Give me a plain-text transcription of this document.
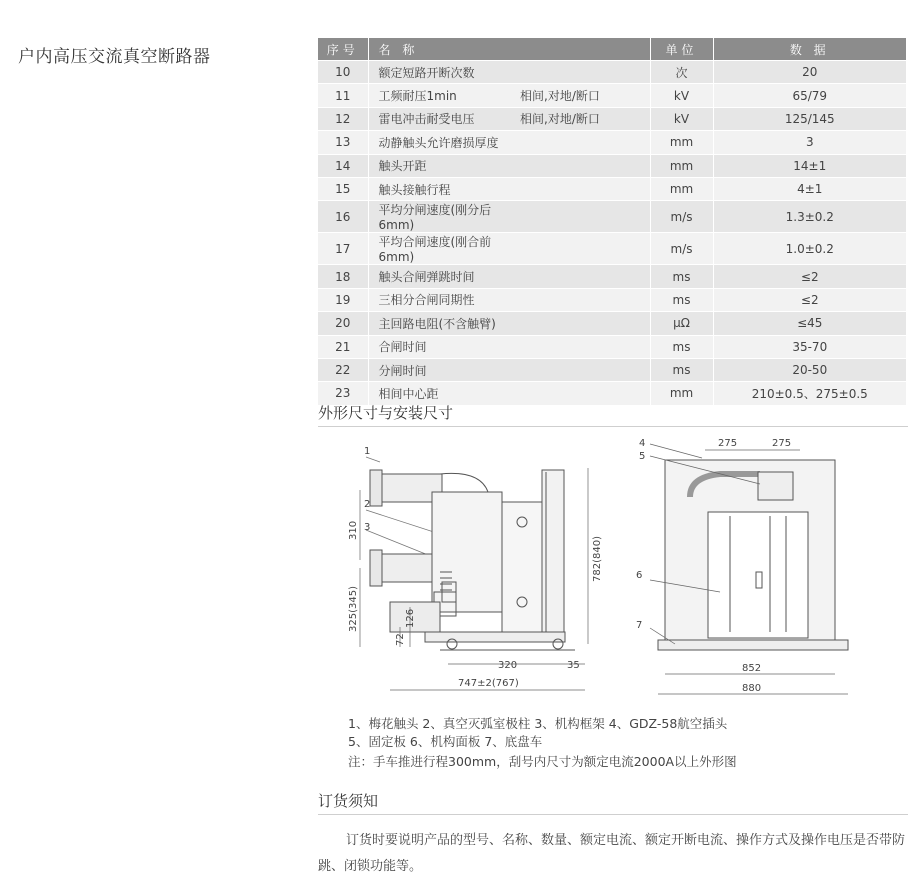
户内高压交流真空断路器	序号	名 称		单位	数 据
10	额定短路开断次数		次	20
11	工频耐压1min	相间,对地/断口	kV	65/79
12	雷电冲击耐受电压	相间,对地/断口	kV	125/145
13	动静触头允许磨损厚度		mm	3
14	触头开距		mm	14±1
15	触头接触行程		mm	4±1
16	平均分闸速度(刚分后6mm)		m/s	1.3±0.2
17	平均合闸速度(刚合前6mm)		m/s	1.0±0.2
18	触头合闸弹跳时间		ms	≤2
19	三相分合闸同期性		ms	≤2
20	主回路电阻(不含触臂)		μΩ	≤45
21	合闸时间		ms	35-70
22	分闸时间		ms	20-50
23	相间中心距		mm	210±0.5、275±0.5
外形尺寸与安装尺寸
1
2
3
310
325(345)	126
72
782(840)
320	35
747±2(767)
4
5
6
7
275	275
852
880
1、梅花触头 2、真空灭弧室极柱 3、机构框架 4、GDZ-58航空插头
5、固定板 6、机构面板 7、底盘车
注：手车推进行程300mm，刮号内尺寸为额定电流2000A以上外形图
订货须知
订货时要说明产品的型号、名称、数量、额定电流、额定开断电流、操作方式及操作电压是否带防跳、闭锁功能等。
